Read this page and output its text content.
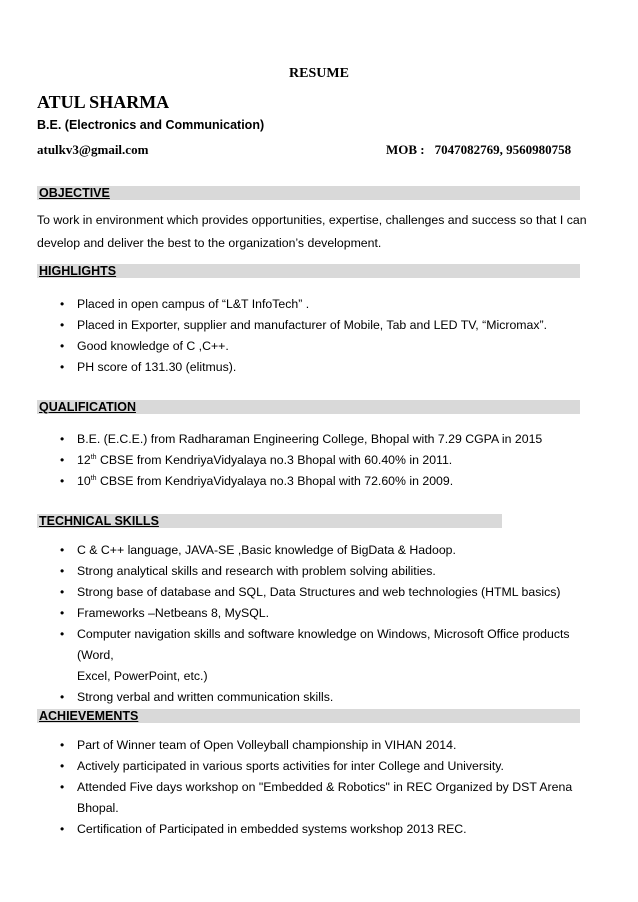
RESUME
ATUL SHARMA
B.E. (Electronics and Communication)
atulkv3@gmail.com	MOB : 7047082769, 9560980758
OBJECTIVE
To work in environment which provides opportunities, expertise, challenges and success so that I can develop and deliver the best to the organization’s development.
HIGHLIGHTS
• Placed in open campus of “L&T InfoTech” .
• Placed in Exporter, supplier and manufacturer of Mobile, Tab and LED TV, “Micromax”.
• Good knowledge of C ,C++.
• PH score of 131.30 (elitmus).
QUALIFICATION
• B.E. (E.C.E.) from Radharaman Engineering College, Bhopal with 7.29 CGPA in 2015
• 12th CBSE from KendriyaVidyalaya no.3 Bhopal with 60.40% in 2011.
• 10th CBSE from KendriyaVidyalaya no.3 Bhopal with 72.60% in 2009.
TECHNICAL SKILLS
• C & C++ language, JAVA-SE ,Basic knowledge of BigData & Hadoop.
• Strong analytical skills and research with problem solving abilities.
• Strong base of database and SQL, Data Structures and web technologies (HTML basics)
• Frameworks –Netbeans 8, MySQL.
• Computer navigation skills and software knowledge on Windows, Microsoft Office products (Word,
Excel, PowerPoint, etc.)
• Strong verbal and written communication skills.
ACHIEVEMENTS
• Part of Winner team of Open Volleyball championship in VIHAN 2014.
• Actively participated in various sports activities for inter College and University.
• Attended Five days workshop on "Embedded & Robotics" in REC Organized by DST Arena Bhopal.
• Certification of Participated in embedded systems workshop 2013 REC.
